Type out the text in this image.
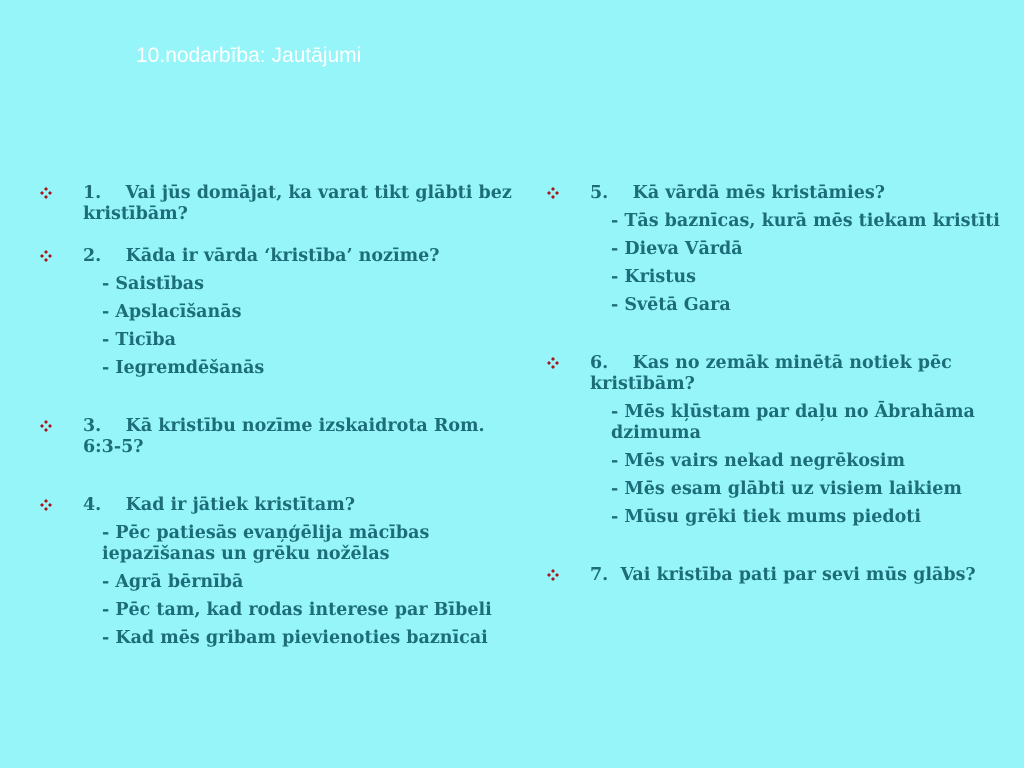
10.nodarbība: Jautājumi
1.    Vai jūs domājat, ka varat tikt glābti bez kristībām?
2.    Kāda ir vārda ‘kristība’ nozīme?
- Saistības
- Apslacīšanās
- Ticība
- Iegremdēšanās
3.    Kā kristību nozīme izskaidrota Rom. 6:3-5?
4.    Kad ir jātiek kristītam?
- Pēc patiesās evaņģēlija mācības iepazīšanas un grēku nožēlas
- Agrā bērnībā
- Pēc tam, kad rodas interese par Bībeli
- Kad mēs gribam pievienoties baznīcai
5.    Kā vārdā mēs kristāmies?
- Tās baznīcas, kurā mēs tiekam kristīti
- Dieva Vārdā
- Kristus
- Svētā Gara
6.    Kas no zemāk minētā notiek pēc kristībām?
- Mēs kļūstam par daļu no Ābrahāma dzimuma
- Mēs vairs nekad negrēkosim
- Mēs esam glābti uz visiem laikiem
- Mūsu grēki tiek mums piedoti
7.  Vai kristība pati par sevi mūs glābs?
